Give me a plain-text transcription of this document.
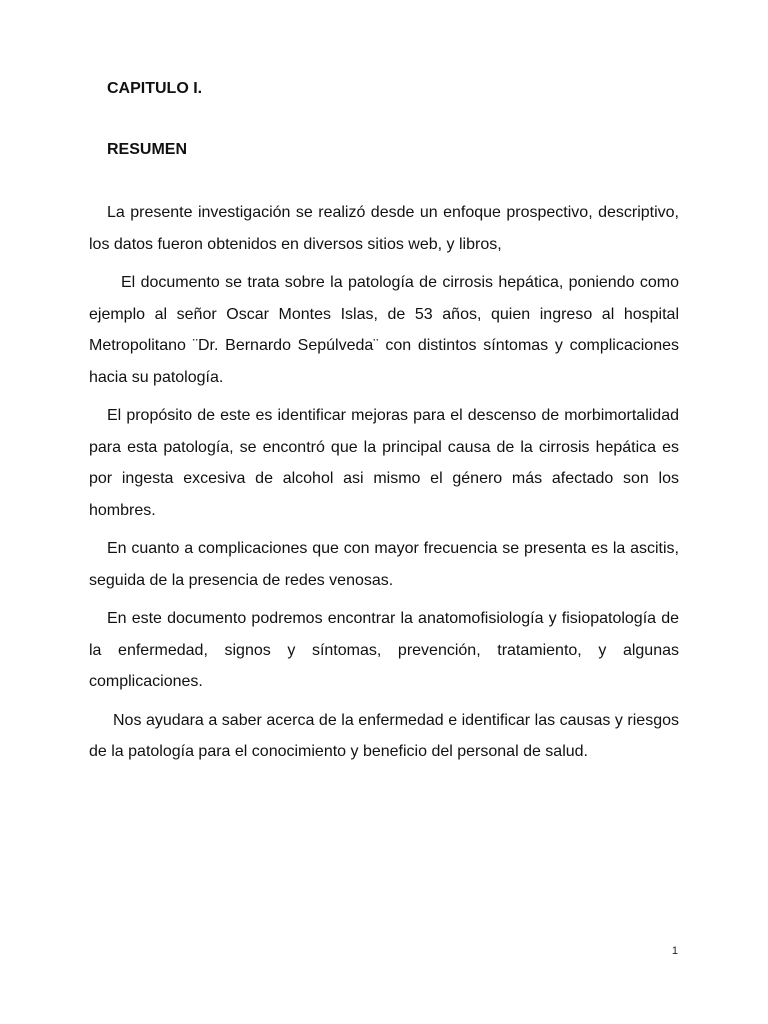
CAPITULO I.
RESUMEN

La presente investigación se realizó desde un enfoque prospectivo, descriptivo, los datos fueron obtenidos en diversos sitios web, y libros,

El documento se trata sobre la patología de cirrosis hepática, poniendo como ejemplo al señor Oscar Montes Islas, de 53 años, quien ingreso al hospital Metropolitano ¨Dr. Bernardo Sepúlveda¨ con distintos síntomas y complicaciones hacia su patología.

El propósito de este es identificar mejoras para el descenso de morbimortalidad para esta patología, se encontró que la principal causa de la cirrosis hepática es por ingesta excesiva de alcohol asi mismo el género más afectado son los hombres.

En cuanto a complicaciones que con mayor frecuencia se presenta es la ascitis, seguida de la presencia de redes venosas.

En este documento podremos encontrar la anatomofisiología y fisiopatología de la enfermedad, signos y síntomas, prevención, tratamiento, y algunas complicaciones.

Nos ayudara a saber acerca de la enfermedad e identificar las causas y riesgos de la patología para el conocimiento y beneficio del personal de salud.

1
